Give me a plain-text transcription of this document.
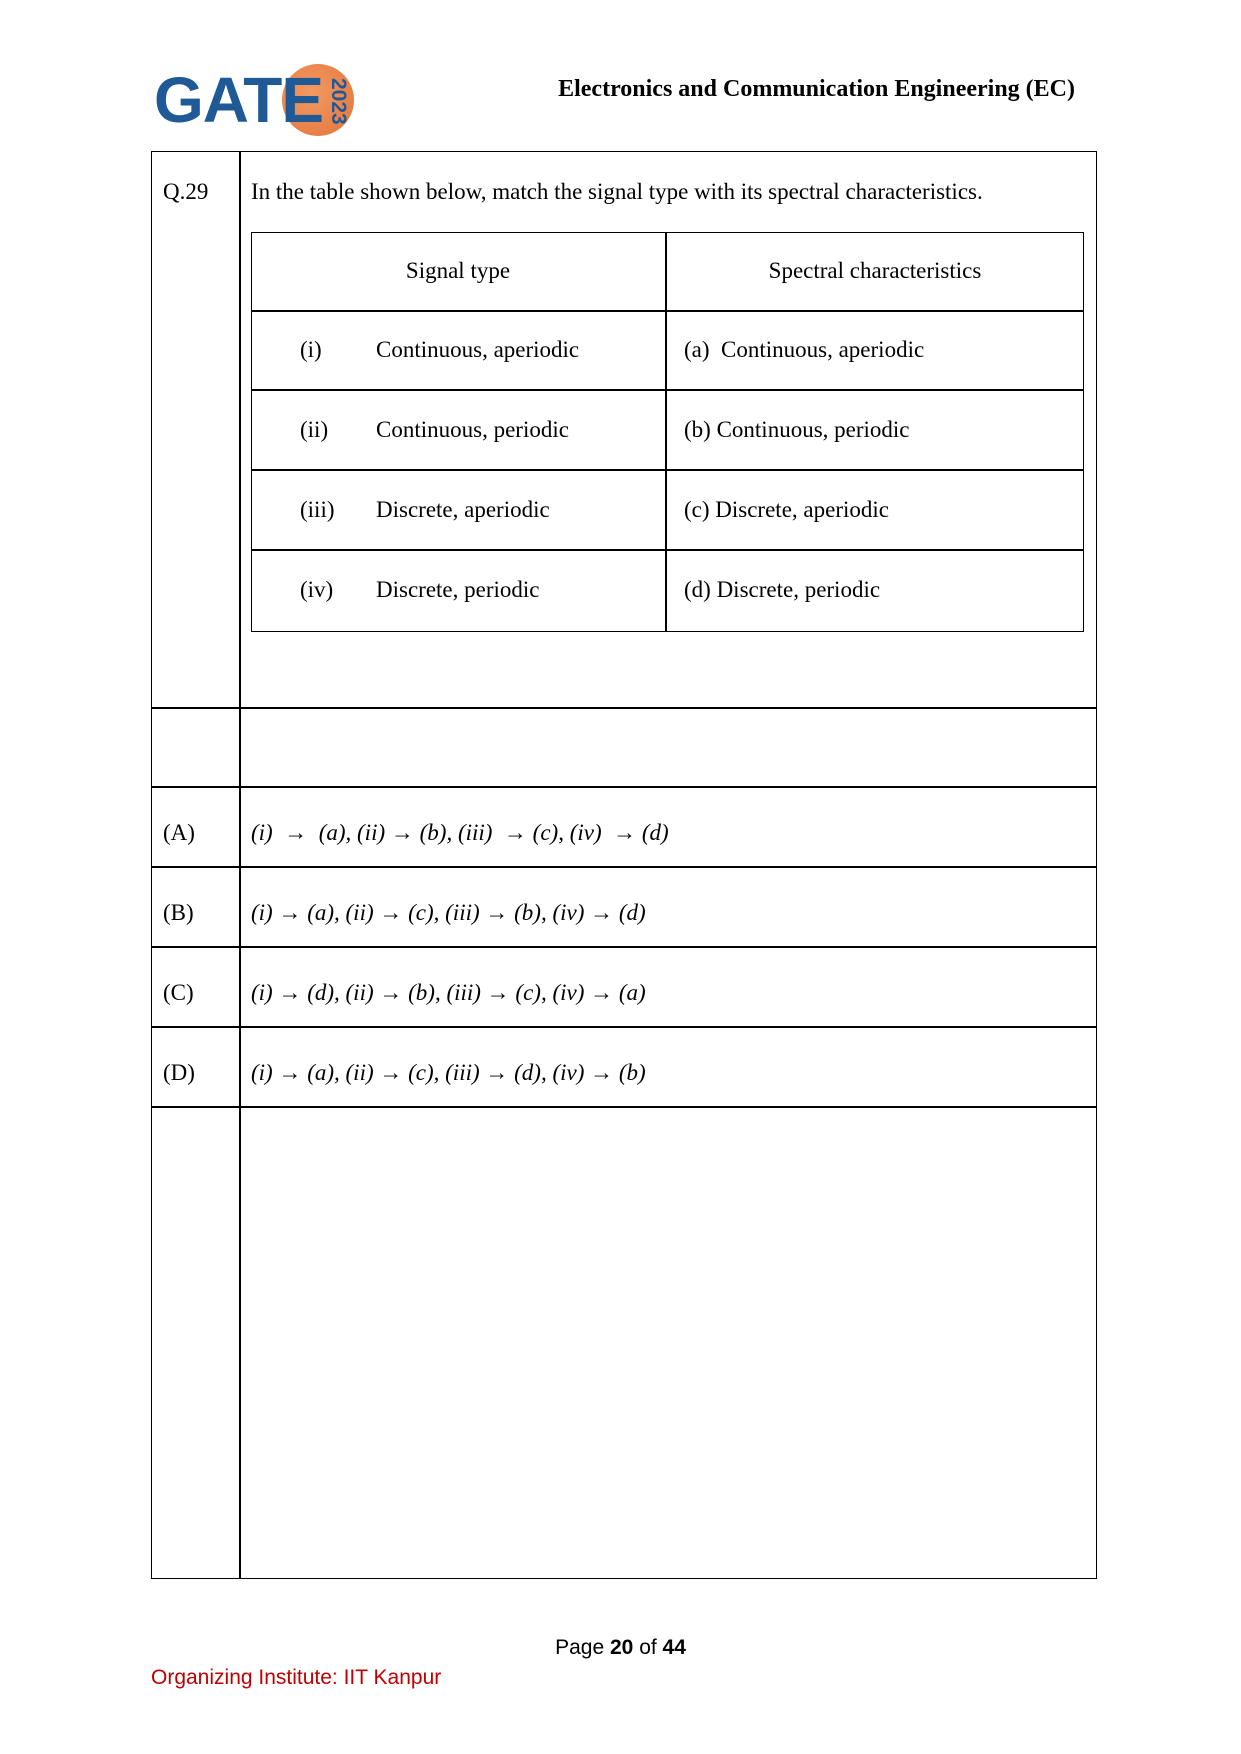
GATE 2023	Electronics and Communication Engineering (EC)
Q.29 In the table shown below, match the signal type with its spectral characteristics.
Signal type	Spectral characteristics
(i) Continuous, aperiodic	(a)  Continuous, aperiodic
(ii) Continuous, periodic	(b) Continuous, periodic
(iii) Discrete, aperiodic	(c) Discrete, aperiodic
(iv) Discrete, periodic	(d) Discrete, periodic
(A) (i)  →  (a), (ii) → (b), (iii)  → (c), (iv)  → (d)
(B) (i) → (a), (ii) → (c), (iii) → (b), (iv) → (d)
(C) (i) → (d), (ii) → (b), (iii) → (c), (iv) → (a)
(D) (i) → (a), (ii) → (c), (iii) → (d), (iv) → (b)
Page 20 of 44
Organizing Institute: IIT Kanpur
